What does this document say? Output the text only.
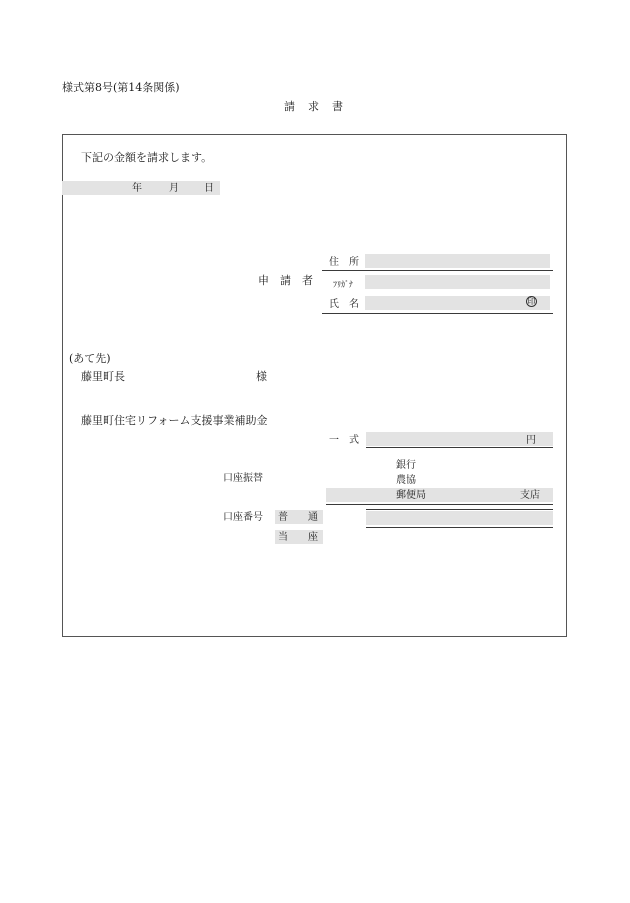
様式第8号(第14条関係)
請　求　書
下記の金額を請求します。
年	月	日
申　請　者
住　所
ﾌﾘｶﾞﾅ
氏　名	印
(あて先)
藤里町長	様
藤里町住宅リフォーム支援事業補助金
一　式	円
口座振替
銀行
農協
郵便局	支店
口座番号 普　　通
当　　座
